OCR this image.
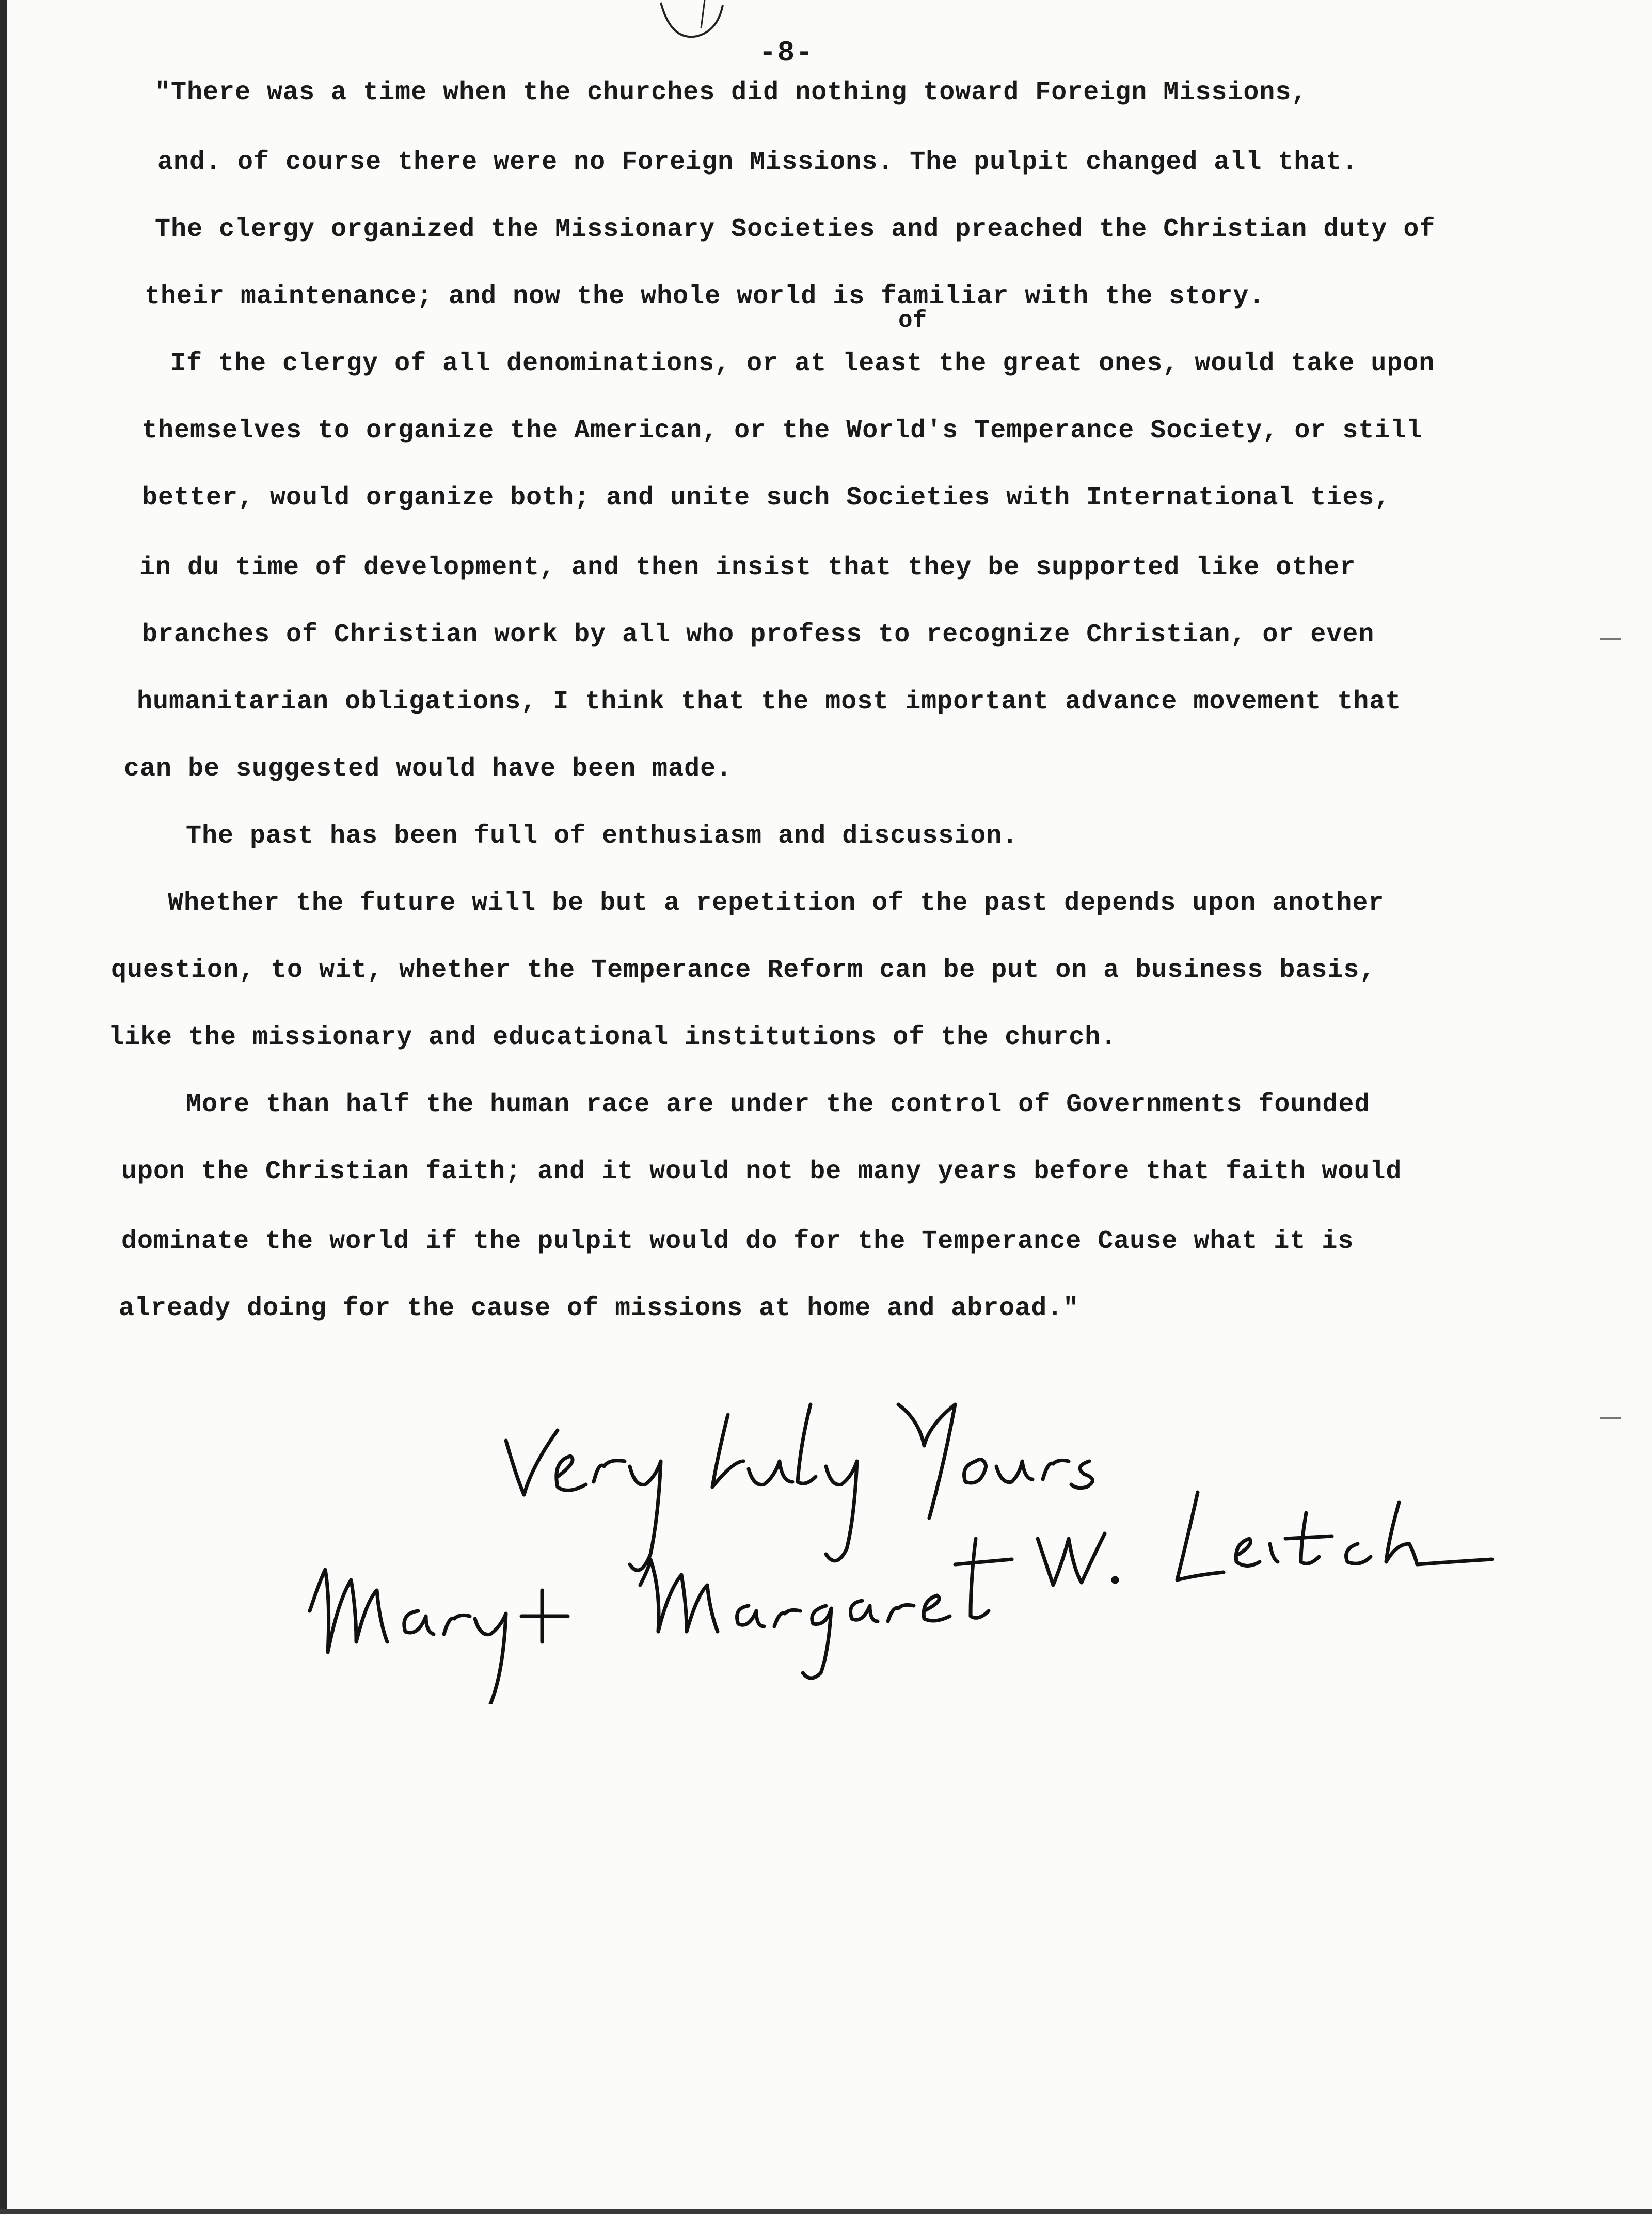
-8-
"There was a time when the churches did nothing toward Foreign Missions,
and. of course there were no Foreign Missions. The pulpit changed all that.
The clergy organized the Missionary Societies and preached the Christian duty of
their maintenance; and now the whole world is familiar with the story.
of
If the clergy of all denominations, or at least the great ones, would take upon
themselves to organize the American, or the World's Temperance Society, or still
better, would organize both; and unite such Societies with International ties,
in du time of development, and then insist that they be supported like other
branches of Christian work by all who profess to recognize Christian, or even
humanitarian obligations, I think that the most important advance movement that
can be suggested would have been made.
The past has been full of enthusiasm and discussion.
Whether the future will be but a repetition of the past depends upon another
question, to wit, whether the Temperance Reform can be put on a business basis,
like the missionary and educational institutions of the church.
More than half the human race are under the control of Governments founded
upon the Christian faith; and it would not be many years before that faith would
dominate the world if the pulpit would do for the Temperance Cause what it is
already doing for the cause of missions at home and abroad."
